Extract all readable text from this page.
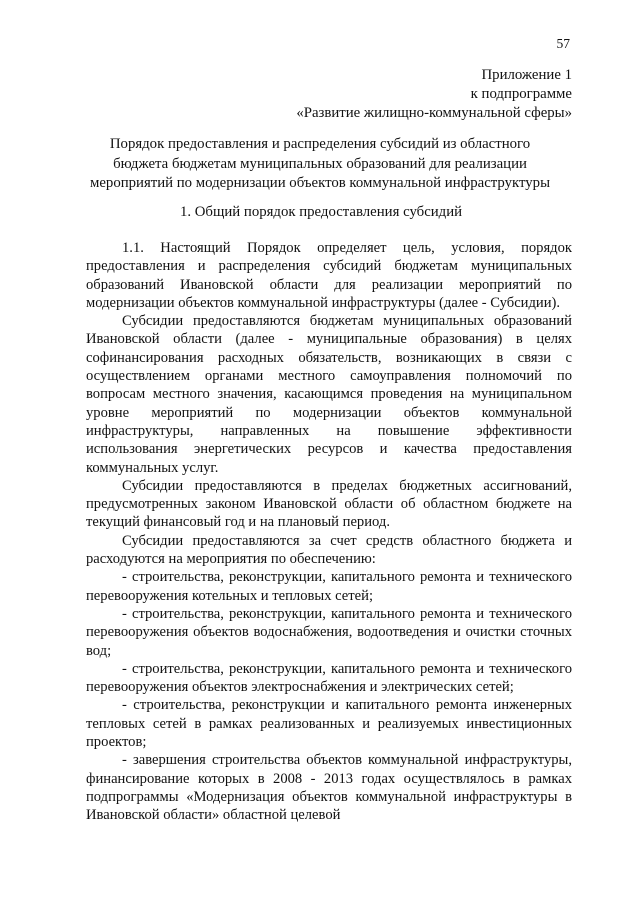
57
Приложение 1
к подпрограмме
«Развитие жилищно-коммунальной сферы»
Порядок предоставления и распределения субсидий из областного
бюджета бюджетам муниципальных образований для реализации
мероприятий по модернизации объектов коммунальной инфраструктуры
1. Общий порядок предоставления субсидий

1.1. Настоящий Порядок определяет цель, условия, порядок предоставления и распределения субсидий бюджетам муниципальных образований Ивановской области для реализации мероприятий по модернизации объектов коммунальной инфраструктуры (далее - Субсидии).

Субсидии предоставляются бюджетам муниципальных образований Ивановской области (далее - муниципальные образования) в целях софинансирования расходных обязательств, возникающих в связи с осуществлением органами местного самоуправления полномочий по вопросам местного значения, касающимся проведения на муниципальном уровне мероприятий по модернизации объектов коммунальной инфраструктуры, направленных на повышение эффективности использования энергетических ресурсов и качества предоставления коммунальных услуг.

Субсидии предоставляются в пределах бюджетных ассигнований, предусмотренных законом Ивановской области об областном бюджете на текущий финансовый год и на плановый период.

Субсидии предоставляются за счет средств областного бюджета и расходуются на мероприятия по обеспечению:

- строительства, реконструкции, капитального ремонта и технического перевооружения котельных и тепловых сетей;

- строительства, реконструкции, капитального ремонта и технического перевооружения объектов водоснабжения, водоотведения и очистки сточных вод;

- строительства, реконструкции, капитального ремонта и технического перевооружения объектов электроснабжения и электрических сетей;

- строительства, реконструкции и капитального ремонта инженерных тепловых сетей в рамках реализованных и реализуемых инвестиционных проектов;

- завершения строительства объектов коммунальной инфраструктуры, финансирование которых в 2008 - 2013 годах осуществлялось в рамках подпрограммы «Модернизация объектов коммунальной инфраструктуры в Ивановской области» областной целевой
